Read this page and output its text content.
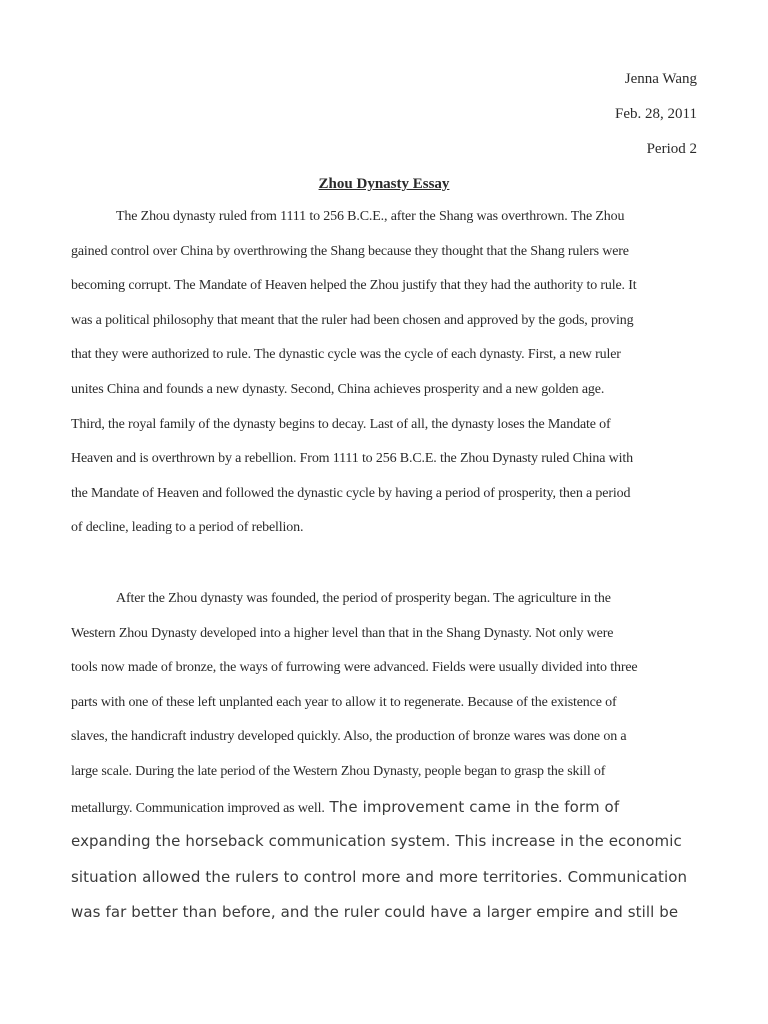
Jenna Wang
Feb. 28, 2011
Period 2
Zhou Dynasty Essay
The Zhou dynasty ruled from 1111 to 256 B.C.E., after the Shang was overthrown. The Zhou
gained control over China by overthrowing the Shang because they thought that the Shang rulers were
becoming corrupt. The Mandate of Heaven helped the Zhou justify that they had the authority to rule. It
was a political philosophy that meant that the ruler had been chosen and approved by the gods, proving
that they were authorized to rule. The dynastic cycle was the cycle of each dynasty. First, a new ruler
unites China and founds a new dynasty. Second, China achieves prosperity and a new golden age.
Third, the royal family of the dynasty begins to decay. Last of all, the dynasty loses the Mandate of
Heaven and is overthrown by a rebellion. From 1111 to 256 B.C.E. the Zhou Dynasty ruled China with
the Mandate of Heaven and followed the dynastic cycle by having a period of prosperity, then a period
of decline, leading to a period of rebellion.
After the Zhou dynasty was founded, the period of prosperity began. The agriculture in the
Western Zhou Dynasty developed into a higher level than that in the Shang Dynasty. Not only were
tools now made of bronze, the ways of furrowing were advanced. Fields were usually divided into three
parts with one of these left unplanted each year to allow it to regenerate. Because of the existence of
slaves, the handicraft industry developed quickly. Also, the production of bronze wares was done on a
large scale. During the late period of the Western Zhou Dynasty, people began to grasp the skill of
metallurgy. Communication improved as well. The improvement came in the form of
expanding the horseback communication system. This increase in the economic
situation allowed the rulers to control more and more territories. Communication
was far better than before, and the ruler could have a larger empire and still be
